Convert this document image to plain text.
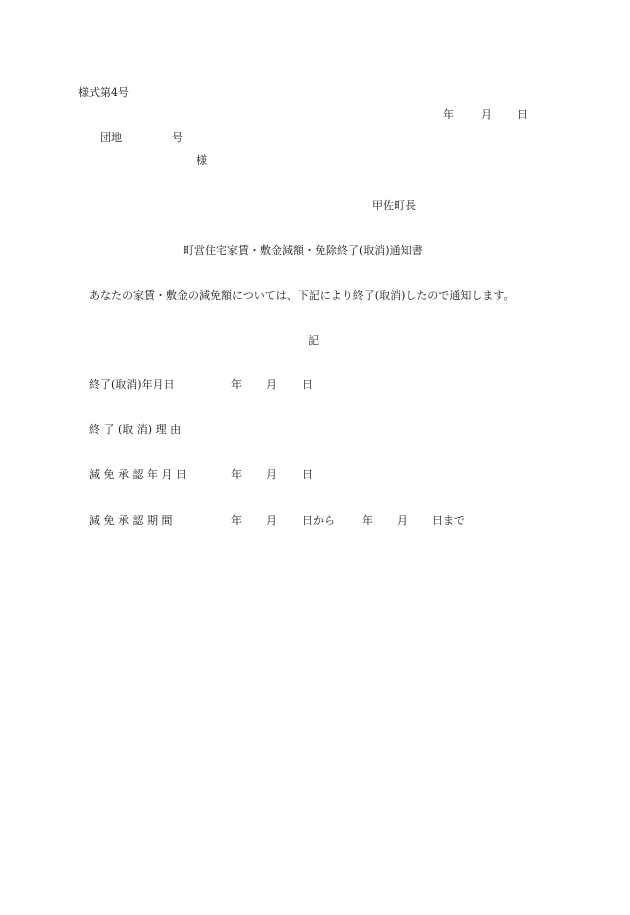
様式第4号
年 月 日
団地	号
様
甲佐町長
町営住宅家賃・敷金減額・免除終了(取消)通知書
あなたの家賃・敷金の減免額については、下記により終了(取消)したので通知します。
記
終了(取消)年月日	年 月 日
終 了 (取 消) 理 由
減 免 承 認 年 月 日	年 月 日
減 免 承 認 期 間	年 月 日から 年 月 日まで
